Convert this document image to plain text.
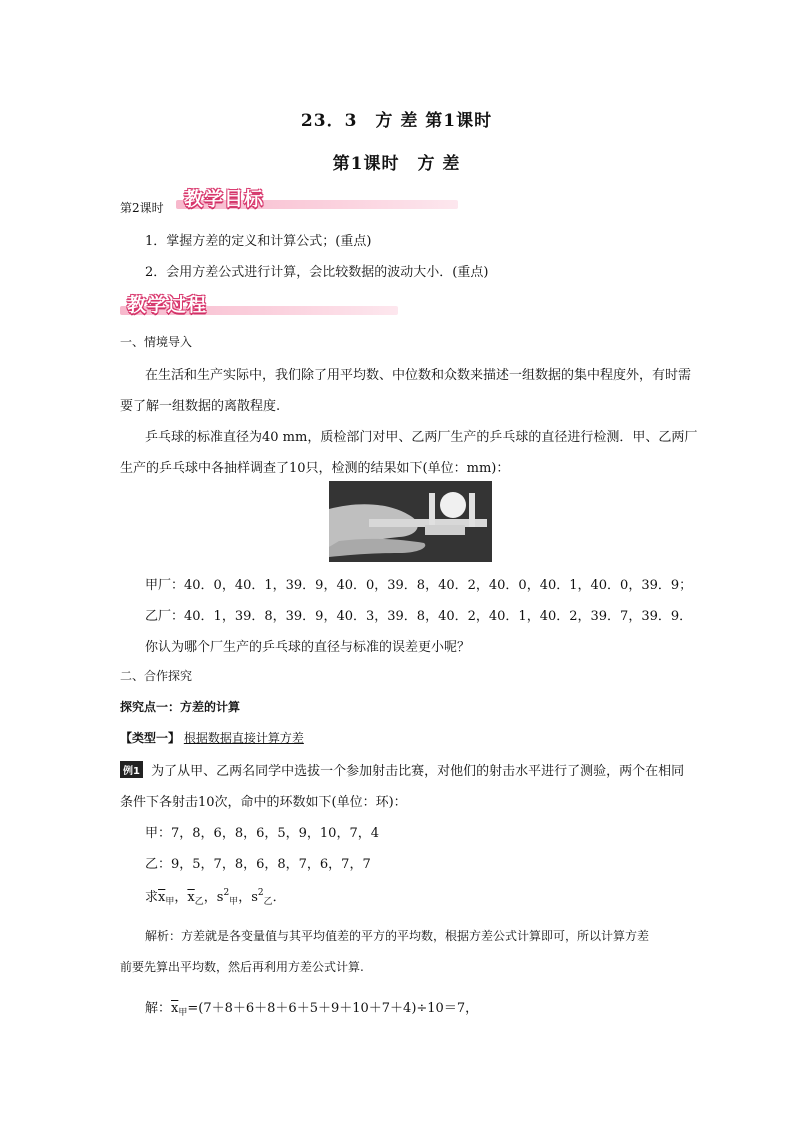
23．3　方 差 第1课时
第1课时　方 差
第2课时 教学目标
1．掌握方差的定义和计算公式；(重点)
2．会用方差公式进行计算，会比较数据的波动大小．(重点)
教学过程
一、情境导入
在生活和生产实际中，我们除了用平均数、中位数和众数来描述一组数据的集中程度外，有时需
要了解一组数据的离散程度.
乒乓球的标准直径为40 mm，质检部门对甲、乙两厂生产的乒乓球的直径进行检测．甲、乙两厂
生产的乒乓球中各抽样调查了10只，检测的结果如下(单位：mm)：
甲厂：40．0，40．1，39．9，40．0，39．8，40．2，40．0，40．1，40．0，39．9；
乙厂：40．1，39．8，39．9，40．3，39．8，40．2，40．1，40．2，39．7，39．9．
你认为哪个厂生产的乒乓球的直径与标准的误差更小呢？
二、合作探究
探究点一：方差的计算
【类型一】 根据数据直接计算方差
例1 为了从甲、乙两名同学中选拔一个参加射击比赛，对他们的射击水平进行了测验，两个在相同
条件下各射击10次，命中的环数如下(单位：环)：
甲：7，8，6，8，6，5，9，10，7，4
乙：9，5，7，8，6，8，7，6，7，7
求$\overline{x}_甲$，$\overline{x}_乙$，$s^2_甲$，$s^2_乙$．
解析：方差就是各变量值与其平均值差的平方的平均数，根据方差公式计算即可，所以计算方差
前要先算出平均数，然后再利用方差公式计算.
解：$\overline{x}_甲=(7+8+6+8+6+5+9+10+7+4)\div 10=7$，
